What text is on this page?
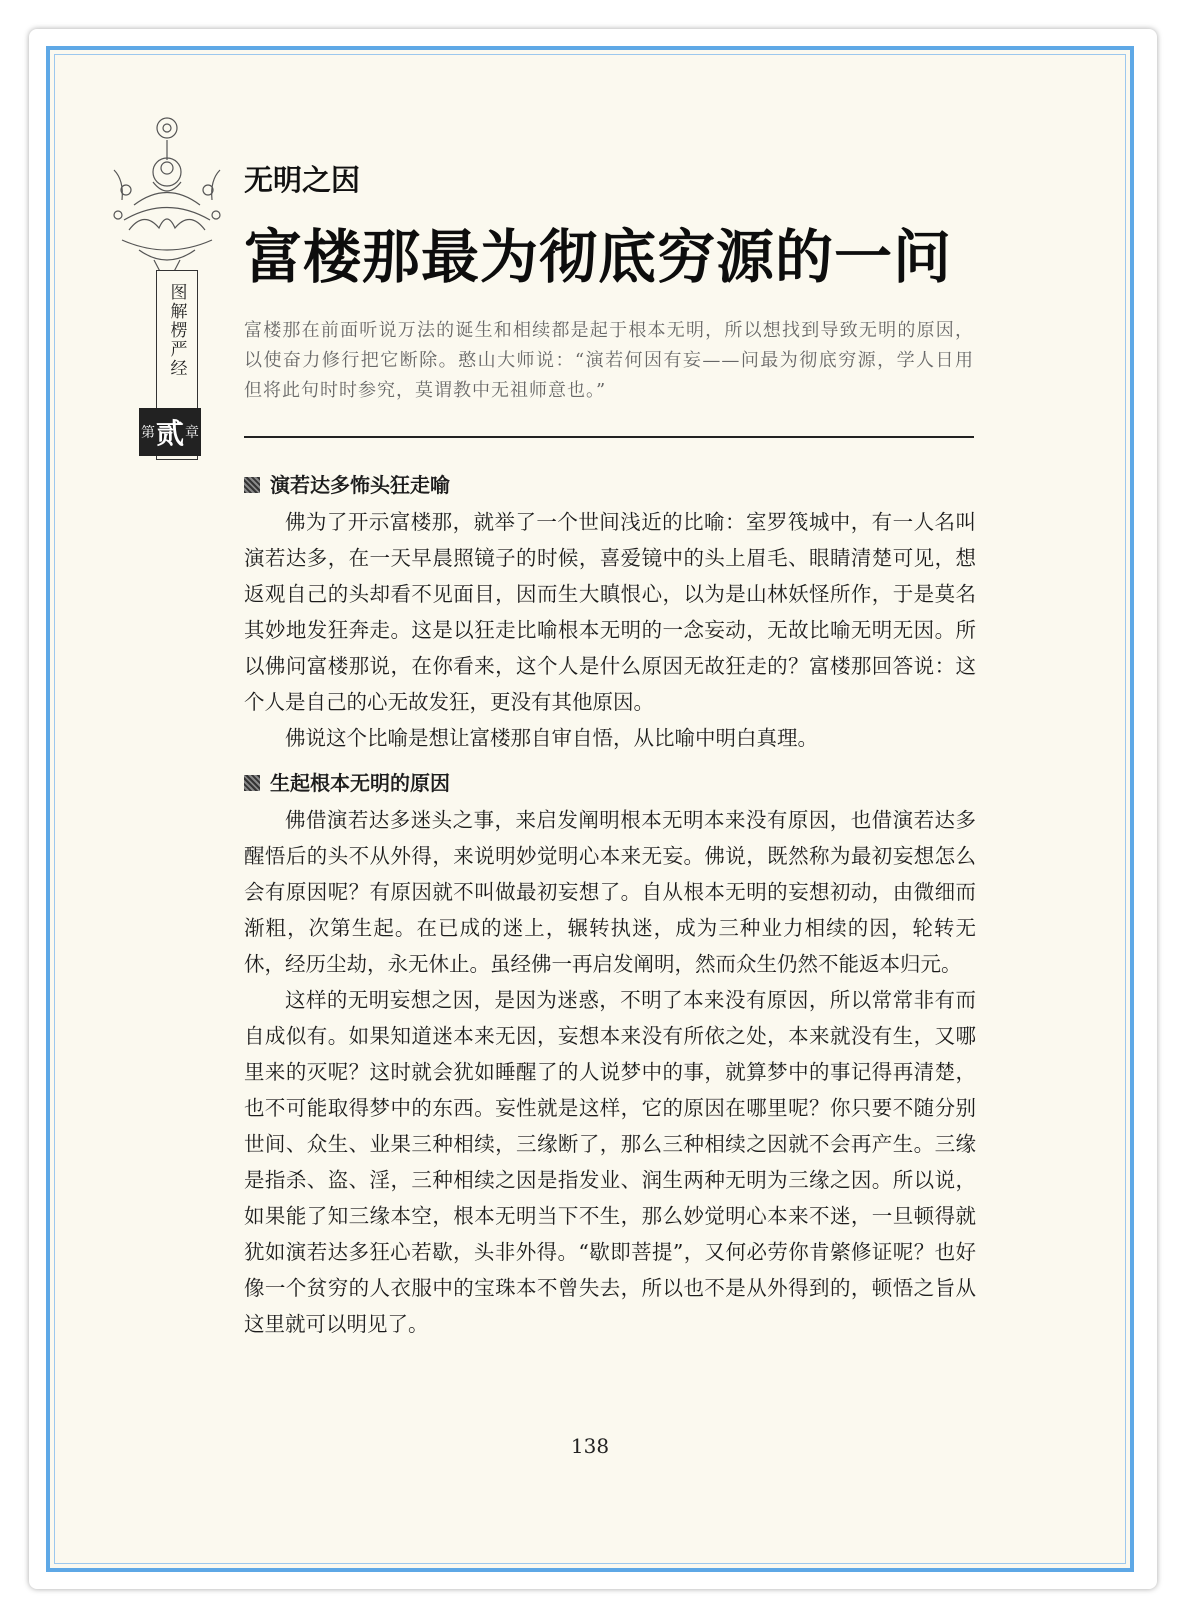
图解楞严经
第 贰 章
无明之因
富楼那最为彻底穷源的一问
富楼那在前面听说万法的诞生和相续都是起于根本无明，所以想找到导致无明的原因，以使奋力修行把它断除。憨山大师说：“演若何因有妄——问最为彻底穷源，学人日用但将此句时时参究，莫谓教中无祖师意也。”
演若达多怖头狂走喻

佛为了开示富楼那，就举了一个世间浅近的比喻：室罗筏城中，有一人名叫演若达多，在一天早晨照镜子的时候，喜爱镜中的头上眉毛、眼睛清楚可见，想返观自己的头却看不见面目，因而生大瞋恨心，以为是山林妖怪所作，于是莫名其妙地发狂奔走。这是以狂走比喻根本无明的一念妄动，无故比喻无明无因。所以佛问富楼那说，在你看来，这个人是什么原因无故狂走的？富楼那回答说：这个人是自己的心无故发狂，更没有其他原因。

佛说这个比喻是想让富楼那自审自悟，从比喻中明白真理。

生起根本无明的原因

佛借演若达多迷头之事，来启发阐明根本无明本来没有原因，也借演若达多醒悟后的头不从外得，来说明妙觉明心本来无妄。佛说，既然称为最初妄想怎么会有原因呢？有原因就不叫做最初妄想了。自从根本无明的妄想初动，由微细而渐粗，次第生起。在已成的迷上，辗转执迷，成为三种业力相续的因，轮转无休，经历尘劫，永无休止。虽经佛一再启发阐明，然而众生仍然不能返本归元。

这样的无明妄想之因，是因为迷惑，不明了本来没有原因，所以常常非有而自成似有。如果知道迷本来无因，妄想本来没有所依之处，本来就没有生，又哪里来的灭呢？这时就会犹如睡醒了的人说梦中的事，就算梦中的事记得再清楚，也不可能取得梦中的东西。妄性就是这样，它的原因在哪里呢？你只要不随分别世间、众生、业果三种相续，三缘断了，那么三种相续之因就不会再产生。三缘是指杀、盗、淫，三种相续之因是指发业、润生两种无明为三缘之因。所以说，如果能了知三缘本空，根本无明当下不生，那么妙觉明心本来不迷，一旦顿得就犹如演若达多狂心若歇，头非外得。“歇即菩提”，又何必劳你肯綮修证呢？也好像一个贫穷的人衣服中的宝珠本不曾失去，所以也不是从外得到的，顿悟之旨从这里就可以明见了。

138
